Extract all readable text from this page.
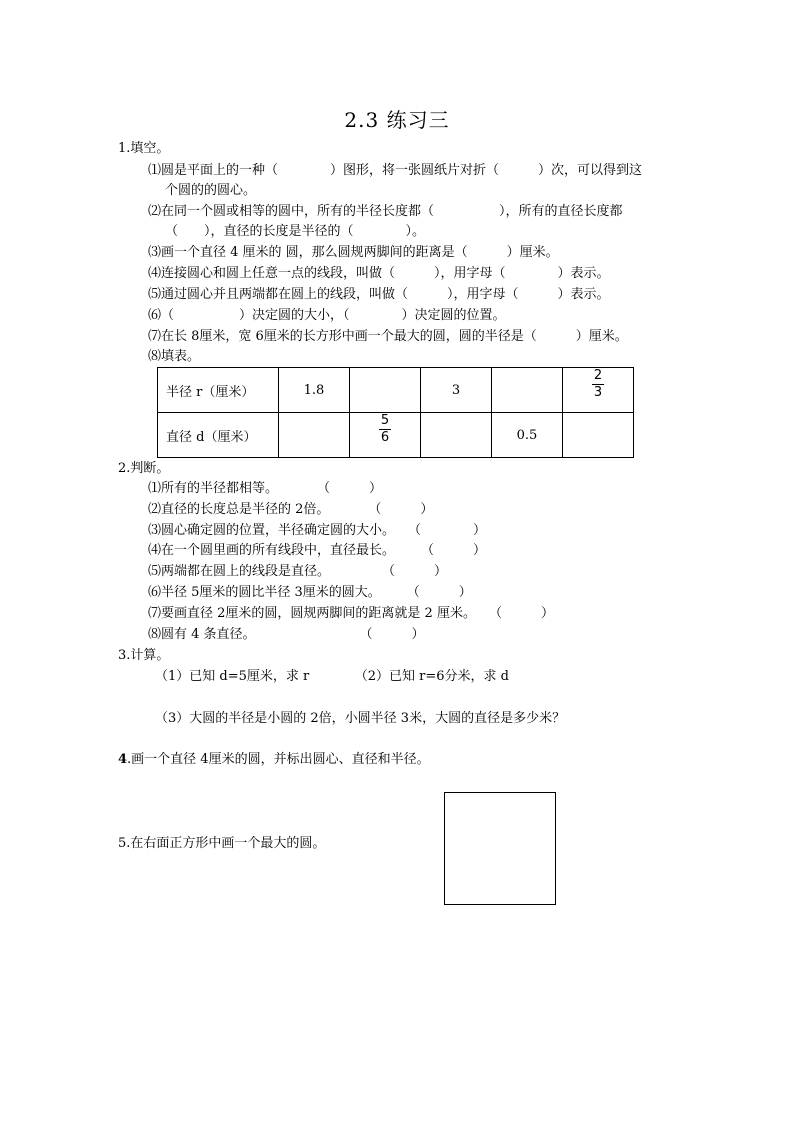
2.3 练习三
1.填空。
⑴圆是平面上的一种（　　　　）图形，将一张圆纸片对折（　　　）次，可以得到这
个圆的的圆心。
⑵在同一个圆或相等的圆中，所有的半径长度都（　　　　　），所有的直径长度都
（　　），直径的长度是半径的（　　　　）。
⑶画一个直径 4 厘米的 圆，那么圆规两脚间的距离是（　　　）厘米。
⑷连接圆心和圆上任意一点的线段，叫做（　　　），用字母（　　　　）表示。
⑸通过圆心并且两端都在圆上的线段，叫做（　　　），用字母（　　　）表示。
⑹（　　　　　）决定圆的大小，（　　　　）决定圆的位置。
⑺在长 8厘米，宽 6厘米的长方形中画一个最大的圆，圆的半径是（　　　）厘米。
⑻填表。
半径 r（厘米）	1.8		3		$\frac{2}{3}$

直径 d（厘米）		$\frac{5}{6}$		0.5	
2.判断。
⑴所有的半径都相等。　　　　（　　　）
⑵直径的长度总是半径的 2倍。　　　　（　　　）
⑶圆心确定圆的位置，半径确定圆的大小。　　（　　　　）
⑷在一个圆里画的所有线段中，直径最长。　　　（　　　）
⑸两端都在圆上的线段是直径。　　　　　（　　　）
⑹半径 5厘米的圆比半径 3厘米的圆大。　　　（　　　）
⑺要画直径 2厘米的圆，圆规两脚间的距离就是 2 厘米。　　（　　　）
⑻圆有 4 条直径。　　　　　　　　　（　　　）
3.计算。
（1）已知 d=5厘米，求 r　　　　（2）已知 r=6分米，求 d
（3）大圆的半径是小圆的 2倍，小圆半径 3米，大圆的直径是多少米？
4.画一个直径 4厘米的圆，并标出圆心、直径和半径。
5.在右面正方形中画一个最大的圆。
